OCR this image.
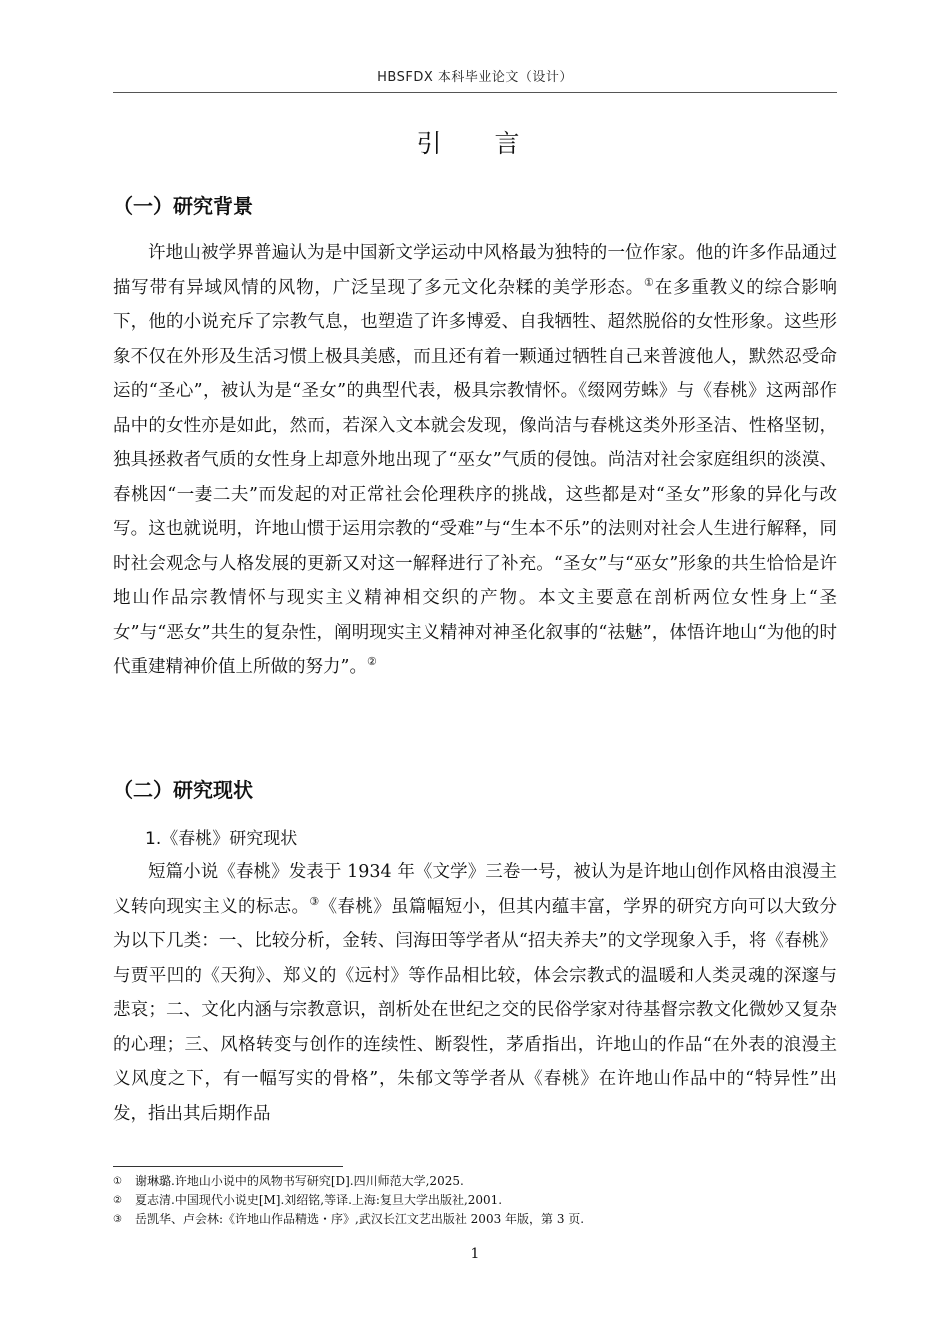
HBSFDX 本科毕业论文（设计）
引　言
（一）研究背景

许地山被学界普遍认为是中国新文学运动中风格最为独特的一位作家。他的许多作品通过描写带有异域风情的风物，广泛呈现了多元文化杂糅的美学形态。①在多重教义的综合影响下，他的小说充斥了宗教气息，也塑造了许多博爱、自我牺牲、超然脱俗的女性形象。这些形象不仅在外形及生活习惯上极具美感，而且还有着一颗通过牺牲自己来普渡他人，默然忍受命运的“圣心”，被认为是“圣女”的典型代表，极具宗教情怀。《缀网劳蛛》与《春桃》这两部作品中的女性亦是如此，然而，若深入文本就会发现，像尚洁与春桃这类外形圣洁、性格坚韧，独具拯救者气质的女性身上却意外地出现了“巫女”气质的侵蚀。尚洁对社会家庭组织的淡漠、春桃因“一妻二夫”而发起的对正常社会伦理秩序的挑战，这些都是对“圣女”形象的异化与改写。这也就说明，许地山惯于运用宗教的“受难”与“生本不乐”的法则对社会人生进行解释，同时社会观念与人格发展的更新又对这一解释进行了补充。“圣女”与“巫女”形象的共生恰恰是许地山作品宗教情怀与现实主义精神相交织的产物。本文主要意在剖析两位女性身上“圣女”与“恶女”共生的复杂性，阐明现实主义精神对神圣化叙事的“祛魅”，体悟许地山“为他的时代重建精神价值上所做的努力”。②

（二）研究现状
1.《春桃》研究现状

短篇小说《春桃》发表于 1934 年《文学》三卷一号，被认为是许地山创作风格由浪漫主义转向现实主义的标志。③《春桃》虽篇幅短小，但其内蕴丰富，学界的研究方向可以大致分为以下几类：一、比较分析，金转、闫海田等学者从“招夫养夫”的文学现象入手，将《春桃》与贾平凹的《天狗》、郑义的《远村》等作品相比较，体会宗教式的温暖和人类灵魂的深邃与悲哀；二、文化内涵与宗教意识，剖析处在世纪之交的民俗学家对待基督宗教文化微妙又复杂的心理；三、风格转变与创作的连续性、断裂性，茅盾指出，许地山的作品“在外表的浪漫主义风度之下，有一幅写实的骨格”，朱郁文等学者从《春桃》在许地山作品中的“特异性”出发，指出其后期作品

①	谢琳璐.许地山小说中的风物书写研究[D].四川师范大学,2025.
②	夏志清.中国现代小说史[M].刘绍铭,等译.上海:复旦大学出版社,2001.
③	岳凯华、卢会林:《许地山作品精选・序》,武汉长江文艺出版社 2003 年版，第 3 页.
1
